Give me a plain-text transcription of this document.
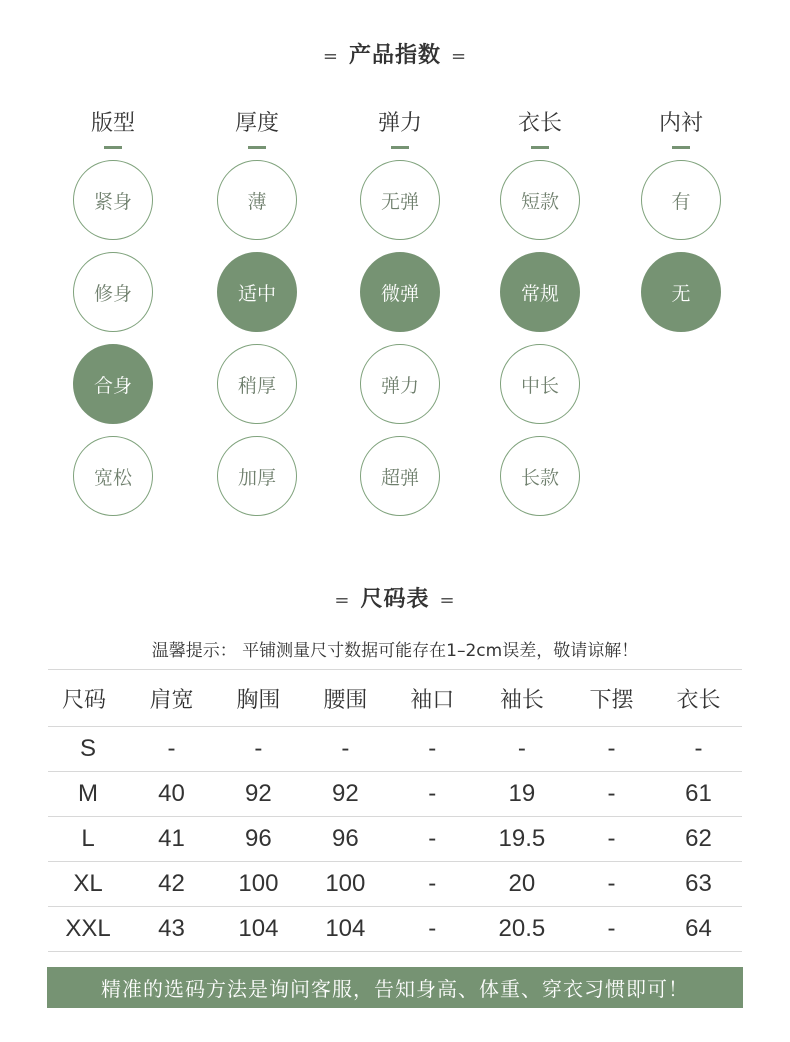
= 产品指数 =
版型
紧身
修身
合身
宽松
厚度
薄
适中
稍厚
加厚
弹力
无弹
微弹
弹力
超弹
衣长
短款
常规
中长
长款
内衬
有
无
= 尺码表 =
温馨提示： 平铺测量尺寸数据可能存在1–2cm误差，敬请谅解！
尺码	肩宽	胸围	腰围	袖口	袖长	下摆	衣长
S	-	-	-	-	-	-	-
M	40	92	92	-	19	-	61
L	41	96	96	-	19.5	-	62
XL	42	100	100	-	20	-	63
XXL	43	104	104	-	20.5	-	64
精准的选码方法是询问客服，告知身高、体重、穿衣习惯即可！
